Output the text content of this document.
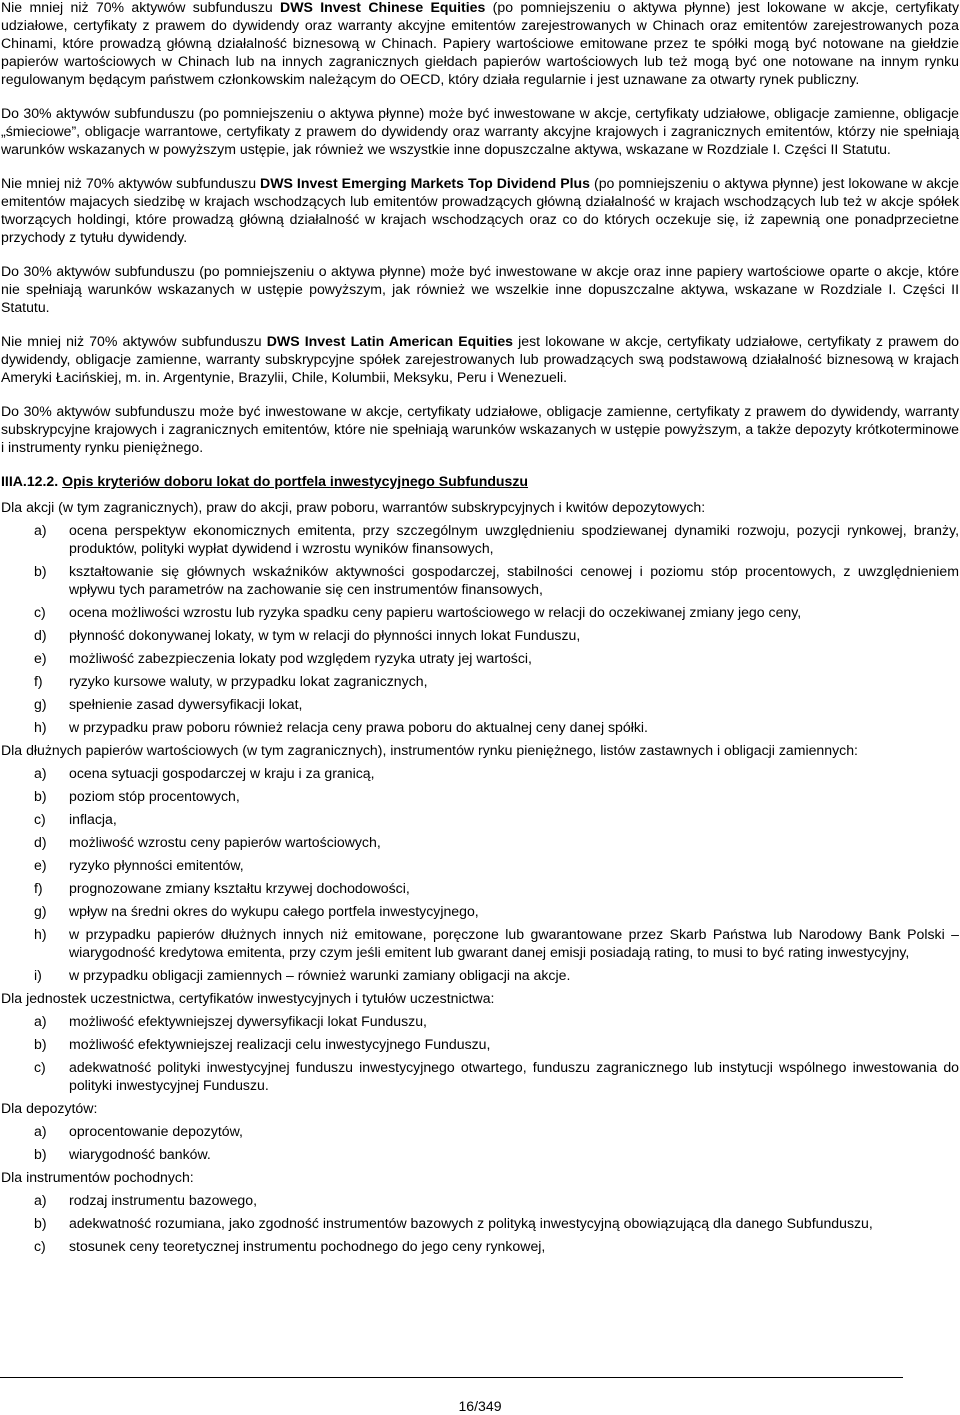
Nie mniej niż 70% aktywów subfunduszu DWS Invest Chinese Equities (po pomniejszeniu o aktywa płynne) jest lokowane w akcje, certyfikaty udziałowe, certyfikaty z prawem do dywidendy oraz warranty akcyjne emitentów zarejestrowanych w Chinach oraz emitentów zarejestrowanych poza Chinami, które prowadzą główną działalność biznesową w Chinach. Papiery wartościowe emitowane przez te spółki mogą być notowane na giełdzie papierów wartościowych w Chinach lub na innych zagranicznych giełdach papierów wartościowych lub też mogą być one notowane na innym rynku regulowanym będącym państwem członkowskim należącym do OECD, który działa regularnie i jest uznawane za otwarty rynek publiczny.

Do 30% aktywów subfunduszu (po pomniejszeniu o aktywa płynne) może być inwestowane w akcje, certyfikaty udziałowe, obligacje zamienne, obligacje „śmieciowe”, obligacje warrantowe, certyfikaty z prawem do dywidendy oraz warranty akcyjne krajowych i zagranicznych emitentów, którzy nie spełniają warunków wskazanych w powyższym ustępie, jak również we wszystkie inne dopuszczalne aktywa, wskazane w Rozdziale I. Części II Statutu.

Nie mniej niż 70% aktywów subfunduszu DWS Invest Emerging Markets Top Dividend Plus (po pomniejszeniu o aktywa płynne) jest lokowane w akcje emitentów majacych siedzibę w krajach wschodzących lub emitentów prowadzących główną działalność w krajach wschodzących lub też w akcje spółek tworzących holdingi, które prowadzą główną działalność w krajach wschodzących oraz co do których oczekuje się, iż zapewnią one ponadprzecietne przychody z tytułu dywidendy.

Do 30% aktywów subfunduszu (po pomniejszeniu o aktywa płynne) może być inwestowane w akcje oraz inne papiery wartościowe oparte o akcje, które nie spełniają warunków wskazanych w ustępie powyższym, jak również we wszelkie inne dopuszczalne aktywa, wskazane w Rozdziale I. Części II Statutu.

Nie mniej niż 70% aktywów subfunduszu DWS Invest Latin American Equities jest lokowane w akcje, certyfikaty udziałowe, certyfikaty z prawem do dywidendy, obligacje zamienne, warranty subskrypcyjne spółek zarejestrowanych lub prowadzących swą podstawową działalność biznesową w krajach Ameryki Łacińskiej, m. in. Argentynie, Brazylii, Chile, Kolumbii, Meksyku, Peru i Wenezueli.

Do 30% aktywów subfunduszu może być inwestowane w akcje, certyfikaty udziałowe, obligacje zamienne, certyfikaty z prawem do dywidendy, warranty subskrypcyjne krajowych i zagranicznych emitentów, które nie spełniają warunków wskazanych w ustępie powyższym, a także depozyty krótkoterminowe i instrumenty rynku pieniężnego.

IIIA.12.2. Opis kryteriów doboru lokat do portfela inwestycyjnego Subfunduszu

Dla akcji (w tym zagranicznych), praw do akcji, praw poboru, warrantów subskrypcyjnych i kwitów depozytowych:

a)	ocena perspektyw ekonomicznych emitenta, przy szczególnym uwzględnieniu spodziewanej dynamiki rozwoju, pozycji rynkowej, branży, produktów, polityki wypłat dywidend i wzrostu wyników finansowych,
b)	kształtowanie się głównych wskaźników aktywności gospodarczej, stabilności cenowej i poziomu stóp procentowych, z uwzględnieniem wpływu tych parametrów na zachowanie się cen instrumentów finansowych,
c)	ocena możliwości wzrostu lub ryzyka spadku ceny papieru wartościowego w relacji do oczekiwanej zmiany jego ceny,
d)	płynność dokonywanej lokaty, w tym w relacji do płynności innych lokat Funduszu,
e)	możliwość zabezpieczenia lokaty pod względem ryzyka utraty jej wartości,
f)	ryzyko kursowe waluty, w przypadku lokat zagranicznych,
g)	spełnienie zasad dywersyfikacji lokat,
h)	w przypadku praw poboru również relacja ceny prawa poboru do aktualnej ceny danej spółki.

Dla dłużnych papierów wartościowych (w tym zagranicznych), instrumentów rynku pieniężnego, listów zastawnych i obligacji zamiennych:

a)	ocena sytuacji gospodarczej w kraju i za granicą,
b)	poziom stóp procentowych,
c)	inflacja,
d)	możliwość wzrostu ceny papierów wartościowych,
e)	ryzyko płynności emitentów,
f)	prognozowane zmiany kształtu krzywej dochodowości,
g)	wpływ na średni okres do wykupu całego portfela inwestycyjnego,
h)	w przypadku papierów dłużnych innych niż emitowane, poręczone lub gwarantowane przez Skarb Państwa lub Narodowy Bank Polski – wiarygodność kredytowa emitenta, przy czym jeśli emitent lub gwarant danej emisji posiadają rating, to musi to być rating inwestycyjny,
i)	w przypadku obligacji zamiennych – również warunki zamiany obligacji na akcje.

Dla jednostek uczestnictwa, certyfikatów inwestycyjnych i tytułów uczestnictwa:

a)	możliwość efektywniejszej dywersyfikacji lokat Funduszu,
b)	możliwość efektywniejszej realizacji celu inwestycyjnego Funduszu,
c)	adekwatność polityki inwestycyjnej funduszu inwestycyjnego otwartego, funduszu zagranicznego lub instytucji wspólnego inwestowania do polityki inwestycyjnej Funduszu.

Dla depozytów:

a)	oprocentowanie depozytów,
b)	wiarygodność banków.

Dla instrumentów pochodnych:

a)	rodzaj instrumentu bazowego,
b)	adekwatność rozumiana, jako zgodność instrumentów bazowych z polityką inwestycyjną obowiązującą dla danego Subfunduszu,
c)	stosunek ceny teoretycznej instrumentu pochodnego do jego ceny rynkowej,
16/349
